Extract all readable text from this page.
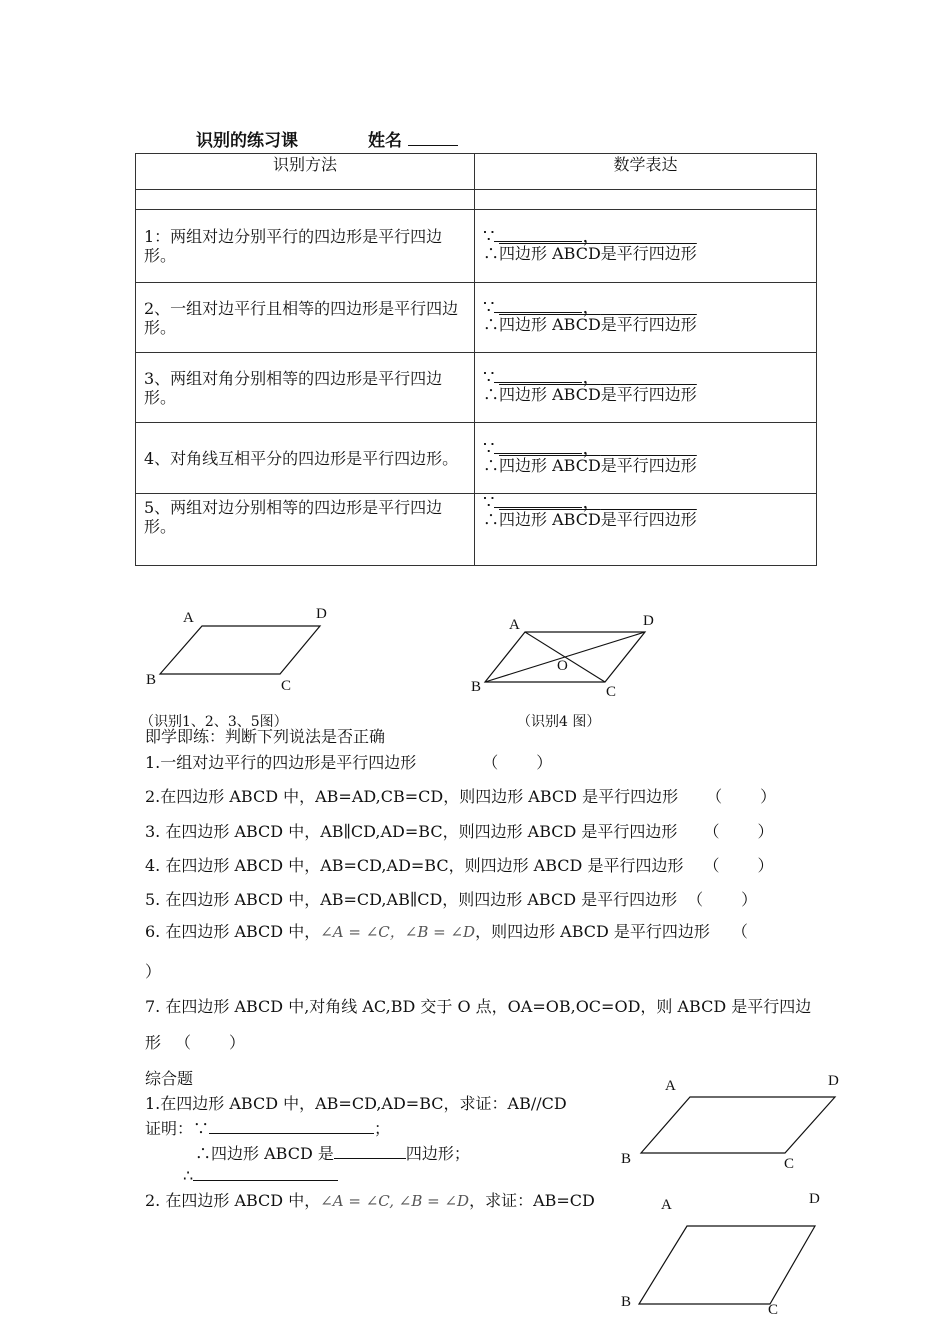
识别的练习课	姓名
识别方法	数学表达

1：两组对边分别平行的四边形是平行四边形。	∵ ，
∴四边形 ABCD是平行四边形
2、一组对边平行且相等的四边形是平行四边形。	∵ ，
∴四边形 ABCD是平行四边形
3、两组对角分别相等的四边形是平行四边形。	∵ ，
∴四边形 ABCD是平行四边形
4、对角线互相平分的四边形是平行四边形。	∵ ，
∴四边形 ABCD是平行四边形
5、两组对边分别相等的四边形是平行四边形。	∵ ，
∴四边形 ABCD是平行四边形
A	D
B	C
（识别1、2、3、5图）
A	D
B	C
O
（识别4 图）
即学即练：判断下列说法是否正确
1.一组对边平行的四边形是平行四边形	（ ）
2.在四边形 ABCD 中，AB=AD,CB=CD，则四边形 ABCD 是平行四边形 （ ）
3. 在四边形 ABCD 中，AB∥CD,AD=BC，则四边形 ABCD 是平行四边形 （ ）
4. 在四边形 ABCD 中，AB=CD,AD=BC，则四边形 ABCD 是平行四边形 （ ）
5. 在四边形 ABCD 中，AB=CD,AB∥CD，则四边形 ABCD 是平行四边形 （ ）
6. 在四边形 ABCD 中，∠A = ∠C，∠B = ∠D，则四边形 ABCD 是平行四边形 （
）
7. 在四边形 ABCD 中,对角线 AC,BD 交于 O 点，OA=OB,OC=OD，则 ABCD 是平行四边
形 （ ）
综合题
1.在四边形 ABCD 中，AB=CD,AD=BC，求证：AB//CD
证明：∵	；
∴四边形 ABCD 是	四边形；
∴
2. 在四边形 ABCD 中，∠A = ∠C, ∠B = ∠D，求证：AB=CD
A	D
B	C
A	D
B	C
